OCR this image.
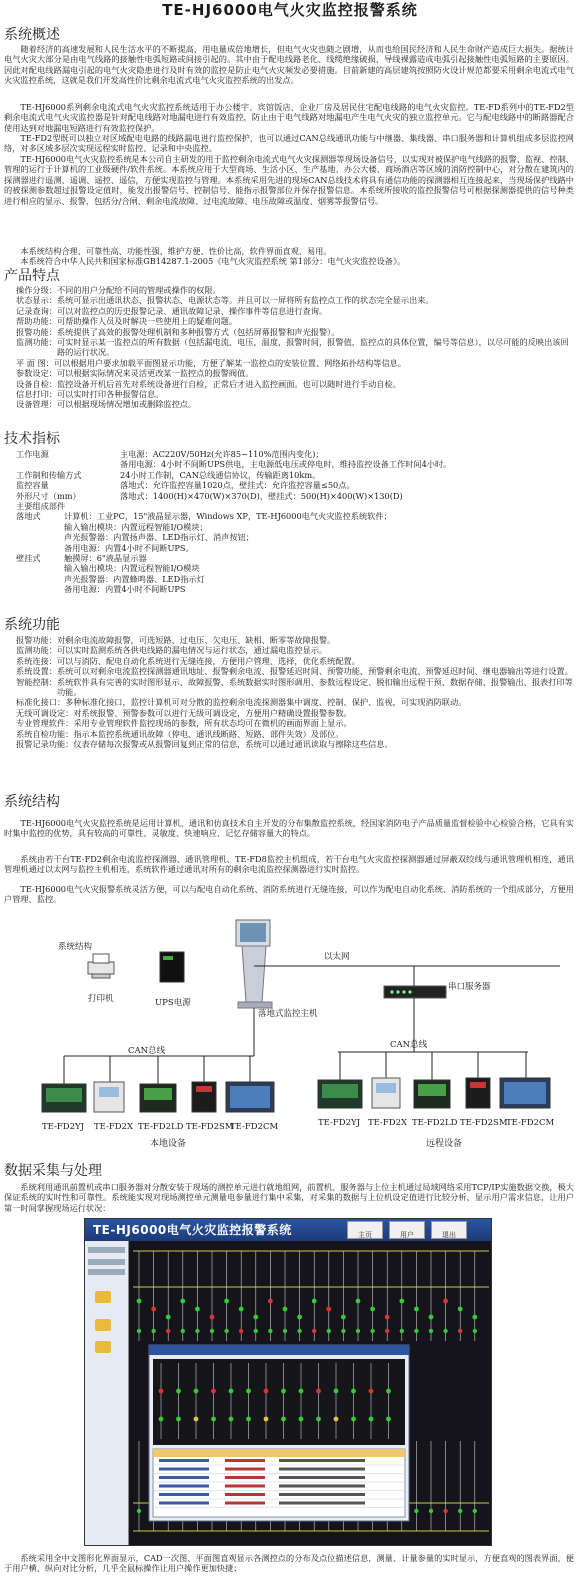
TE-HJ6000电气火灾监控报警系统
系统概述
随着经济的高速发展和人民生活水平的不断提高，用电量成倍地增长，但电气火灾也随之剧增，从而也给国民经济和人民生命财产造成巨大损失。据统计电气火灾大部分是由电气线路的接触性电弧短路或间接引起的。其中由于配电线路老化、线缆绝缘破损、导线裸露造成电弧引起接触性电弧短路的主要原因。因此对配电线路漏电引起的电气火灾隐患进行及时有效的监控是防止电气火灾频发必要措施。目前新建的高层建筑按照防火设计规范都要采用剩余电流式电气火灾监控系统，这就是我们开发高性价比剩余电流式电气火灾监控系统的出发点。
TE-HJ6000系列剩余电流式电气火灾监控系统适用于办公楼宇、宾馆饭店、企业厂房及居民住宅配电线路的电气火灾监控。TE-FD系列中的TE-FD2型剩余电流式电气火灾监控器是针对配电线路对地漏电进行有效监控，防止由于电气线路对地漏电产生电气火灾的独立监控单元。它与配电线路中的断路器配合使用达到对地漏电短路进行有效监控保护。
TE-FD2型既可以独立对区域配电电路的线路漏电进行监控保护，也可以通过CAN总线通讯功能与中继器、集线器、串口服务器和计算机组成多层监控网络，对多区域多层次实现远程实时监控、记录和中央监控。
TE-HJ6000电气火灾监控系统是本公司自主研发的用于监控剩余电流式电气火灾探测器等现场设备信号，以实现对被保护电气线路的报警、监视、控制、管理的运行于计算机的工业级硬件/软件系统。本系统应用于大型商场、生活小区、生产基地、办公大楼、商场酒店等区域的消防控制中心，对分散在建筑内的探测器进行遥测、遥调、遥控、遥信，方便实现监控与管理。本系统采用先进的现场CAN总线技术将具有通信功能的探测器相互连接起来，当现场保护线路中的被探测参数超过报警设定值时，能发出报警信号、控制信号、能指示报警部位并保存报警信息。本系统所接收的监控报警信号可根据探测器提供的信号种类进行相应的显示、报警，包括分/合闸、剩余电流故障、过电流故障、电压故障或温度、烟雾等报警信号。
本系统结构合理、可靠性高、功能性强、维护方便、性价比高，软件界面直观、易用。
本系统符合中华人民共和国家标准GB14287.1-2005《电气火灾监控系统 第1部分：电气火灾监控设备》。
产品特点
操作分级： 不同的用户分配给不同的管理或操作的权限。
状态显示： 系统可显示出通讯状态、报警状态、电源状态等。并且可以一屏将所有监控点工作的状态完全显示出来。
记录查询： 可以对监控点的历史报警记录、通讯故障记录、操作事件等信息进行查询。
帮助功能： 可帮助操作人员及时解决一些使用上的疑难问题。
报警功能： 系统提供了高效的报警处理机制和多种报警方式（包括屏幕报警和声光报警）。
监测功能： 可实时显示某一监控点的所有数据（包括漏电流、电压，温度，报警时间，报警值，监控点的具体位置，编号等信息），以尽可能的反映出该回路的运行状况。
平 面 图： 可以根据用户要求加载平面图显示功能，方便了解某一监控点的安装位置、网络拓扑结构等信息。
参数设定： 可以根据实际情况来灵活更改某一监控点的报警阀值。
设备自检： 监控设备开机后首先对系统设备进行自检，正常后才进入监控画面。也可以随时进行手动自检。
信息打印： 可以实时打印各种报警信息。
设备管理： 可以根据现场情况增加或删除监控点。
技术指标
工作电源	主电源：AC220V/50Hz(允许85~110%范围内变化)；
备用电源：4小时不间断UPS供电，主电源低电压或停电时，维持监控设备工作时间4小时。
工作制和传输方式	24小时工作制，CAN总线通信协议，传输距离10km。
监控容量	落地式：允许监控容量1020点，壁挂式：允许监控容量≤50点。
外形尺寸（mm）	落地式：1400(H)×470(W)×370(D)，壁挂式：500(H)×400(W)×130(D)
主要组成部件
落地式	计算机：工业PC，15"液晶显示器，Windows XP，TE-HJ6000电气火灾监控系统软件；
输入输出模块：内置远程智能I/O模块；
声光报警器：内置扬声器、LED指示灯、消声按钮；
备用电源：内置4小时不间断UPS。
壁挂式	触摸屏：6"液晶显示器
输入输出模块：内置远程智能I/O模块
声光报警器：内置蜂鸣器、LED指示灯
备用电源：内置4小时不间断UPS
系统功能
报警功能： 对剩余电流故障报警，可选短路、过电压、欠电压、缺相、断零等故障报警。
监测功能： 可以实时监测系统各供电线路的漏电情况与运行状态，通过漏电监控显示。
系统连接： 可以与消防、配电自动化系统进行无缝连接，方便用户管理、选择，优化系统配置。
系统设置： 系统可以对剩余电流监控探测器通讯地址、报警剩余电流、报警延迟时间、预警功能、预警剩余电流、预警延迟时间、继电器输出等进行设置。
智能控制： 系统软件具有完善的实时图形显示、故障报警、系统数据实时图形调用、参数远程设定、脱扣输出远程干预、数据存储、报警输出、报表打印等功能。
标准化接口： 多种标准化接口，监控计算机可对分散的监控剩余电流探测器集中调度、控制、保护、监视，可实现消防联动。
无线可调设定： 对系统报警、预警参数可以进行无级可调设定，方便用户精确设置报警参数。
专业管理软件： 采用专业管理软件监控现场的参数，所有状态均可在微机的画面界面上显示。
系统自检功能： 指示本监控系统通讯故障（停电、通讯线断路、短路、部件失效）及部位。
报警记录功能： 仪表存储每次报警或从报警回复到正常的信息，系统可以通过通讯读取与擦除这些信息。
系统结构
TE-HJ6000电气火灾监控系统是运用计算机、通讯和仿真技术自主开发的分布集散监控系统，经国家消防电子产品质量监督检验中心检验合格，它具有实时集中监控的优势，具有较高的可靠性、灵敏度、快速响应、记忆存储容量大的特点。
系统由若干台TE-FD2剩余电流监控探测器、通讯管理机、TE-FD8监控主机组成，若干台电气火灾监控探测器通过屏蔽双绞线与通讯管理机相连，通讯管理机通过以太网与监控主机相连，系统软件通过通讯对所有的剩余电流监控探测器进行实时监控。
TE-HJ6000电气火灾报警系统灵活方便，可以与配电自动化系统、消防系统进行无缝连接，可以作为配电自动化系统、消防系统的一个组成部分，方便用户管理、监控。
系统结构
打印机	UPS电源
落地式监控主机
以太网
串口服务器
CAN总线
CAN总线
TE-FD2YJ TE-FD2X TE-FD2LD TE-FD2SM
TE-FD2CM	TE-FD2YJ TE-FD2X TE-FD2LD TE-FD2SM
TE-FD2CM
本地设备	远程设备
数据采集与处理
系统利用通讯前置机或串口服务器对分散安装于现场的测控单元进行就地组网，前置机、服务器与上位主机通过局域网络采用TCP/IP实施数据交换，极大保证系统的实时性和可靠性。系统能实现对现场测控单元测量电参量进行集中采集，对采集的数据与上位机设定值进行比较分析，显示用户需求信息，让用户第一时间掌握现场运行状况：
TE-HJ6000电气火灾监控报警系统	主页	用户	退出
系统采用全中文图形化界面显示，CAD一次图、平面图直观显示各测控点的分布及点位描述信息，测量、计量参量的实时显示，方便直观的图表界面，便于用户横、纵向对比分析，几乎全鼠标操作让用户操作更加快捷；
